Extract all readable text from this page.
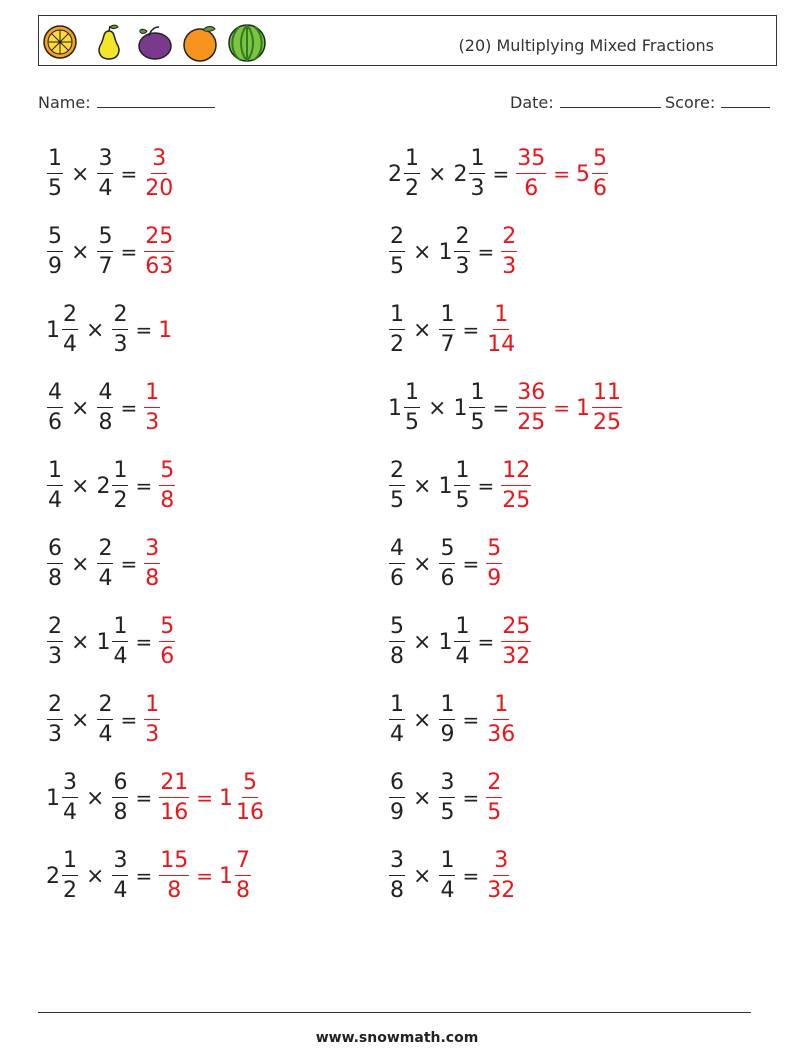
(20) Multiplying Mixed Fractions
Name:	Date:	Score:
$\frac{1}{5} \times \frac{3}{4} = \frac{3}{20}$	$2 \frac{1}{2} \times 2 \frac{1}{3} = \frac{35}{6} = 5 \frac{5}{6}$
$\frac{5}{9} \times \frac{5}{7} = \frac{25}{63}$	$\frac{2}{5} \times 1 \frac{2}{3} = \frac{2}{3}$
$1 \frac{2}{4} \times \frac{2}{3} = 1$	$\frac{1}{2} \times \frac{1}{7} = \frac{1}{14}$
$\frac{4}{6} \times \frac{4}{8} = \frac{1}{3}$	$1 \frac{1}{5} \times 1 \frac{1}{5} = \frac{36}{25} = 1 \frac{11}{25}$
$\frac{1}{4} \times 2 \frac{1}{2} = \frac{5}{8}$	$\frac{2}{5} \times 1 \frac{1}{5} = \frac{12}{25}$
$\frac{6}{8} \times \frac{2}{4} = \frac{3}{8}$	$\frac{4}{6} \times \frac{5}{6} = \frac{5}{9}$
$\frac{2}{3} \times 1 \frac{1}{4} = \frac{5}{6}$	$\frac{5}{8} \times 1 \frac{1}{4} = \frac{25}{32}$
$\frac{2}{3} \times \frac{2}{4} = \frac{1}{3}$	$\frac{1}{4} \times \frac{1}{9} = \frac{1}{36}$
$1 \frac{3}{4} \times \frac{6}{8} = \frac{21}{16} = 1 \frac{5}{16}$	$\frac{6}{9} \times \frac{3}{5} = \frac{2}{5}$
$2 \frac{1}{2} \times \frac{3}{4} = \frac{15}{8} = 1 \frac{7}{8}$	$\frac{3}{8} \times \frac{1}{4} = \frac{3}{32}$
www.snowmath.com
